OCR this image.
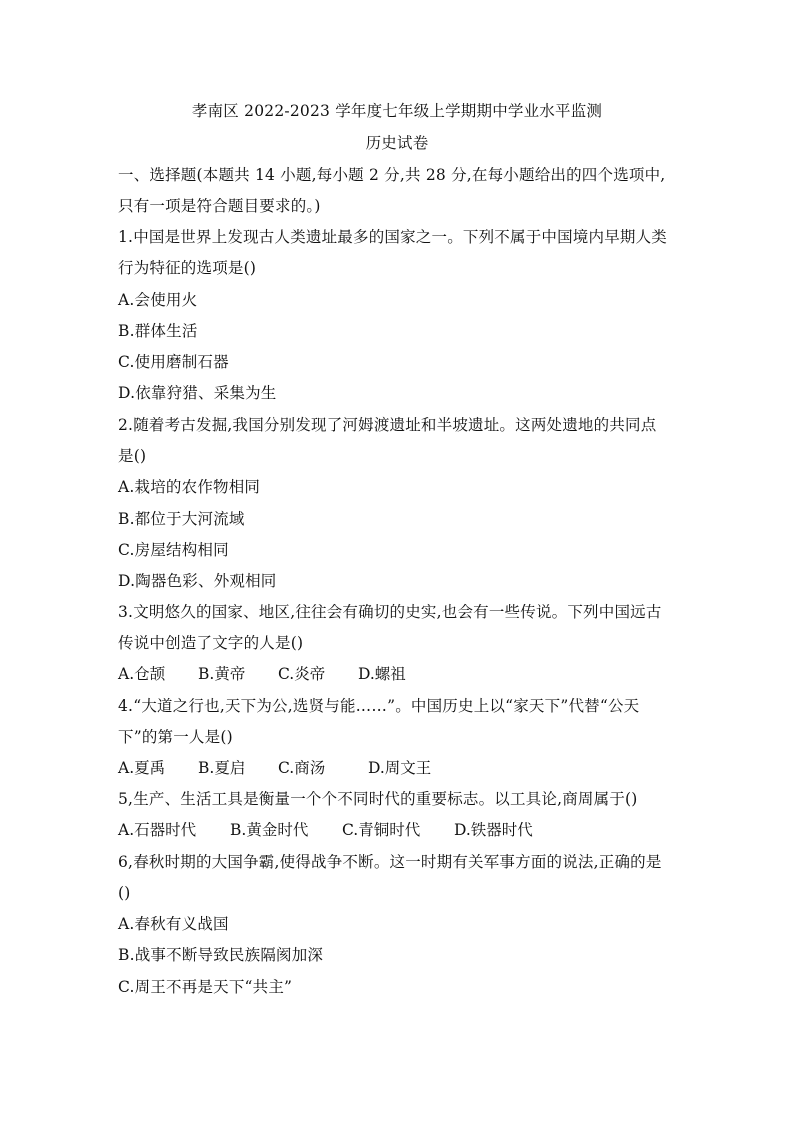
孝南区 2022-2023 学年度七年级上学期期中学业水平监测
历史试卷
一、选择题(本题共 14 小题,每小题 2 分,共 28 分,在每小题给出的四个选项中,
只有一项是符合题目要求的。)
1.中国是世界上发现古人类遗址最多的国家之一。下列不属于中国境内早期人类
行为特征的选项是()
A.会使用火
B.群体生活
C.使用磨制石器
D.依靠狩猎、采集为生
2.随着考古发掘,我国分别发现了河姆渡遗址和半坡遗址。这两处遗地的共同点
是()
A.栽培的农作物相同
B.都位于大河流域
C.房屋结构相同
D.陶器色彩、外观相同
3.文明悠久的国家、地区,往往会有确切的史实,也会有一些传说。下列中国远古
传说中创造了文字的人是()
A.仓颉 B.黄帝 C.炎帝 D.螺祖
4.“大道之行也,天下为公,选贤与能……”。中国历史上以“家天下”代替“公天
下”的第一人是()
A.夏禹 B.夏启 C.商汤	D.周文王
5,生产、生活工具是衡量一个个不同时代的重要标志。以工具论,商周属于()
A.石器时代 B.黄金时代 C.青铜时代 D.铁器时代
6,春秋时期的大国争霸,使得战争不断。这一时期有关军事方面的说法,正确的是
()
A.春秋有义战国
B.战事不断导致民族隔阂加深
C.周王不再是天下“共主”
